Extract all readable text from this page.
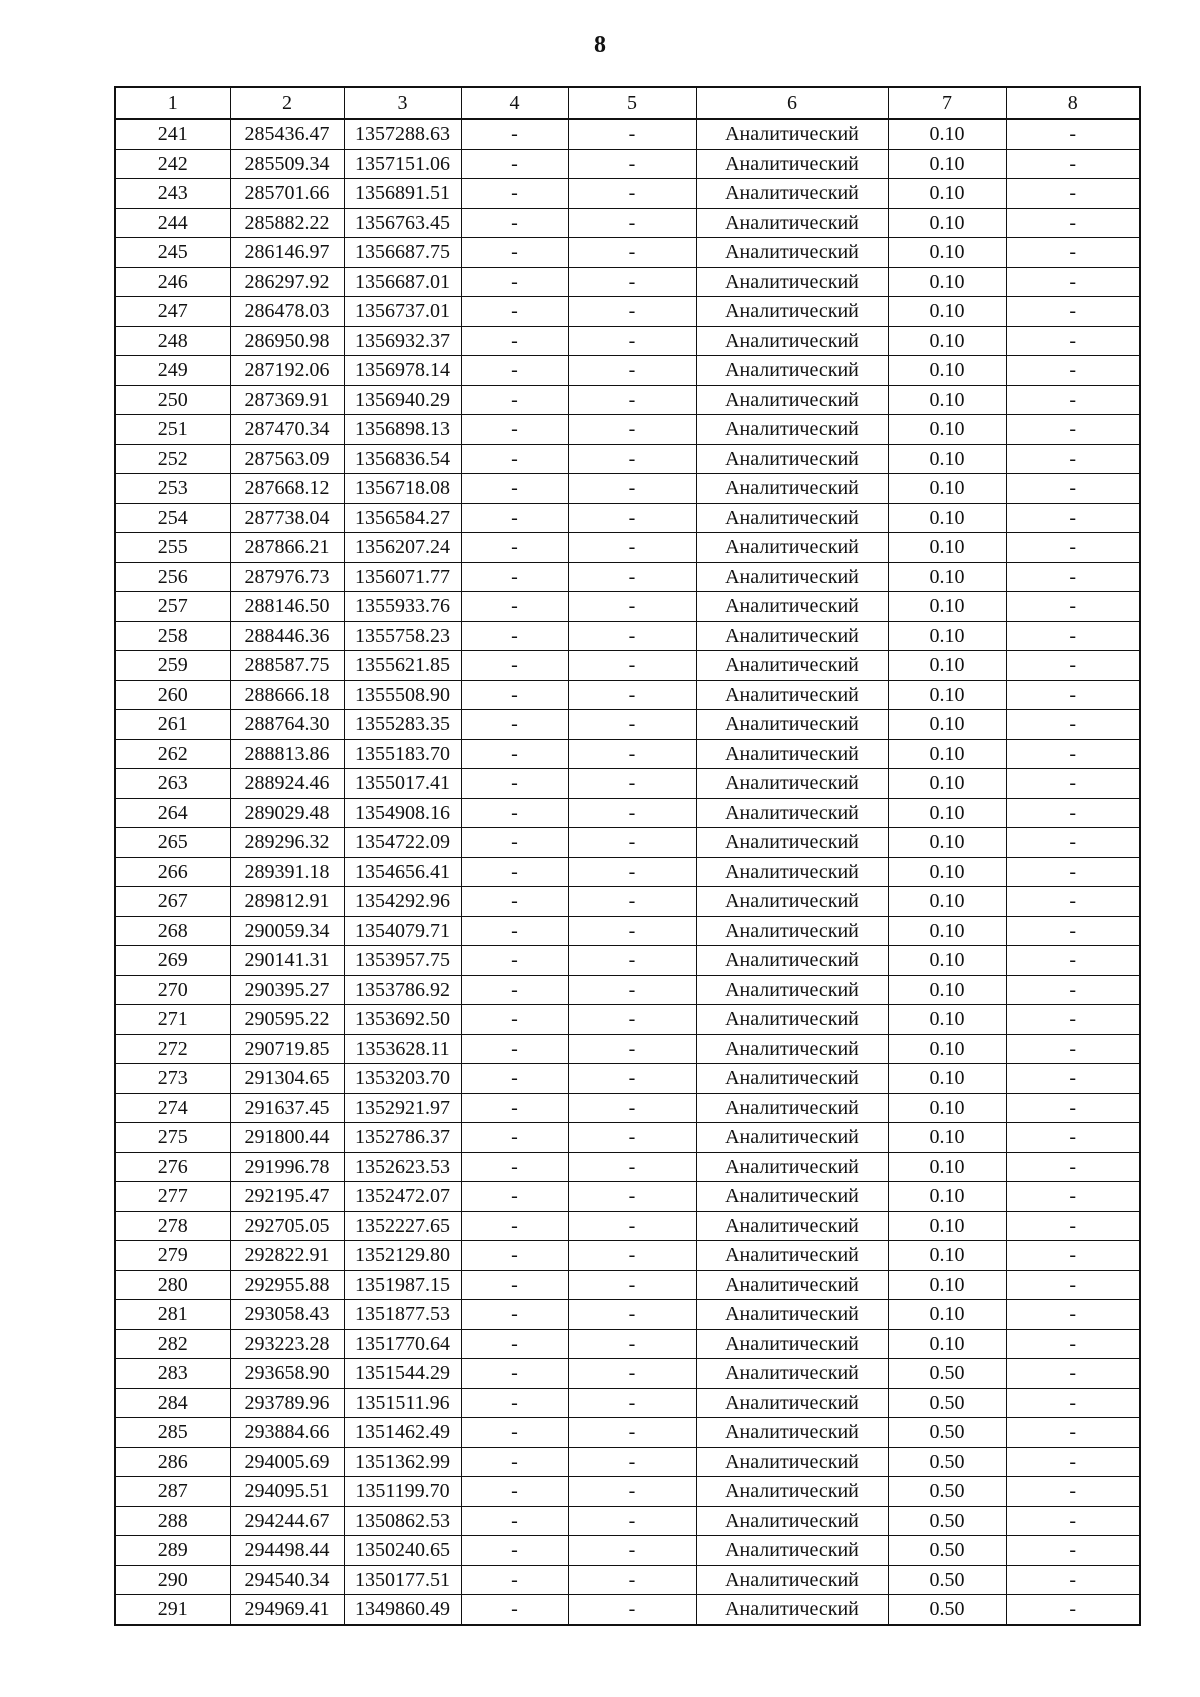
8
1	2	3	4	5	6	7	8
241	285436.47	1357288.63	-	-	Аналитический	0.10	-
242	285509.34	1357151.06	-	-	Аналитический	0.10	-
243	285701.66	1356891.51	-	-	Аналитический	0.10	-
244	285882.22	1356763.45	-	-	Аналитический	0.10	-
245	286146.97	1356687.75	-	-	Аналитический	0.10	-
246	286297.92	1356687.01	-	-	Аналитический	0.10	-
247	286478.03	1356737.01	-	-	Аналитический	0.10	-
248	286950.98	1356932.37	-	-	Аналитический	0.10	-
249	287192.06	1356978.14	-	-	Аналитический	0.10	-
250	287369.91	1356940.29	-	-	Аналитический	0.10	-
251	287470.34	1356898.13	-	-	Аналитический	0.10	-
252	287563.09	1356836.54	-	-	Аналитический	0.10	-
253	287668.12	1356718.08	-	-	Аналитический	0.10	-
254	287738.04	1356584.27	-	-	Аналитический	0.10	-
255	287866.21	1356207.24	-	-	Аналитический	0.10	-
256	287976.73	1356071.77	-	-	Аналитический	0.10	-
257	288146.50	1355933.76	-	-	Аналитический	0.10	-
258	288446.36	1355758.23	-	-	Аналитический	0.10	-
259	288587.75	1355621.85	-	-	Аналитический	0.10	-
260	288666.18	1355508.90	-	-	Аналитический	0.10	-
261	288764.30	1355283.35	-	-	Аналитический	0.10	-
262	288813.86	1355183.70	-	-	Аналитический	0.10	-
263	288924.46	1355017.41	-	-	Аналитический	0.10	-
264	289029.48	1354908.16	-	-	Аналитический	0.10	-
265	289296.32	1354722.09	-	-	Аналитический	0.10	-
266	289391.18	1354656.41	-	-	Аналитический	0.10	-
267	289812.91	1354292.96	-	-	Аналитический	0.10	-
268	290059.34	1354079.71	-	-	Аналитический	0.10	-
269	290141.31	1353957.75	-	-	Аналитический	0.10	-
270	290395.27	1353786.92	-	-	Аналитический	0.10	-
271	290595.22	1353692.50	-	-	Аналитический	0.10	-
272	290719.85	1353628.11	-	-	Аналитический	0.10	-
273	291304.65	1353203.70	-	-	Аналитический	0.10	-
274	291637.45	1352921.97	-	-	Аналитический	0.10	-
275	291800.44	1352786.37	-	-	Аналитический	0.10	-
276	291996.78	1352623.53	-	-	Аналитический	0.10	-
277	292195.47	1352472.07	-	-	Аналитический	0.10	-
278	292705.05	1352227.65	-	-	Аналитический	0.10	-
279	292822.91	1352129.80	-	-	Аналитический	0.10	-
280	292955.88	1351987.15	-	-	Аналитический	0.10	-
281	293058.43	1351877.53	-	-	Аналитический	0.10	-
282	293223.28	1351770.64	-	-	Аналитический	0.10	-
283	293658.90	1351544.29	-	-	Аналитический	0.50	-
284	293789.96	1351511.96	-	-	Аналитический	0.50	-
285	293884.66	1351462.49	-	-	Аналитический	0.50	-
286	294005.69	1351362.99	-	-	Аналитический	0.50	-
287	294095.51	1351199.70	-	-	Аналитический	0.50	-
288	294244.67	1350862.53	-	-	Аналитический	0.50	-
289	294498.44	1350240.65	-	-	Аналитический	0.50	-
290	294540.34	1350177.51	-	-	Аналитический	0.50	-
291	294969.41	1349860.49	-	-	Аналитический	0.50	-
